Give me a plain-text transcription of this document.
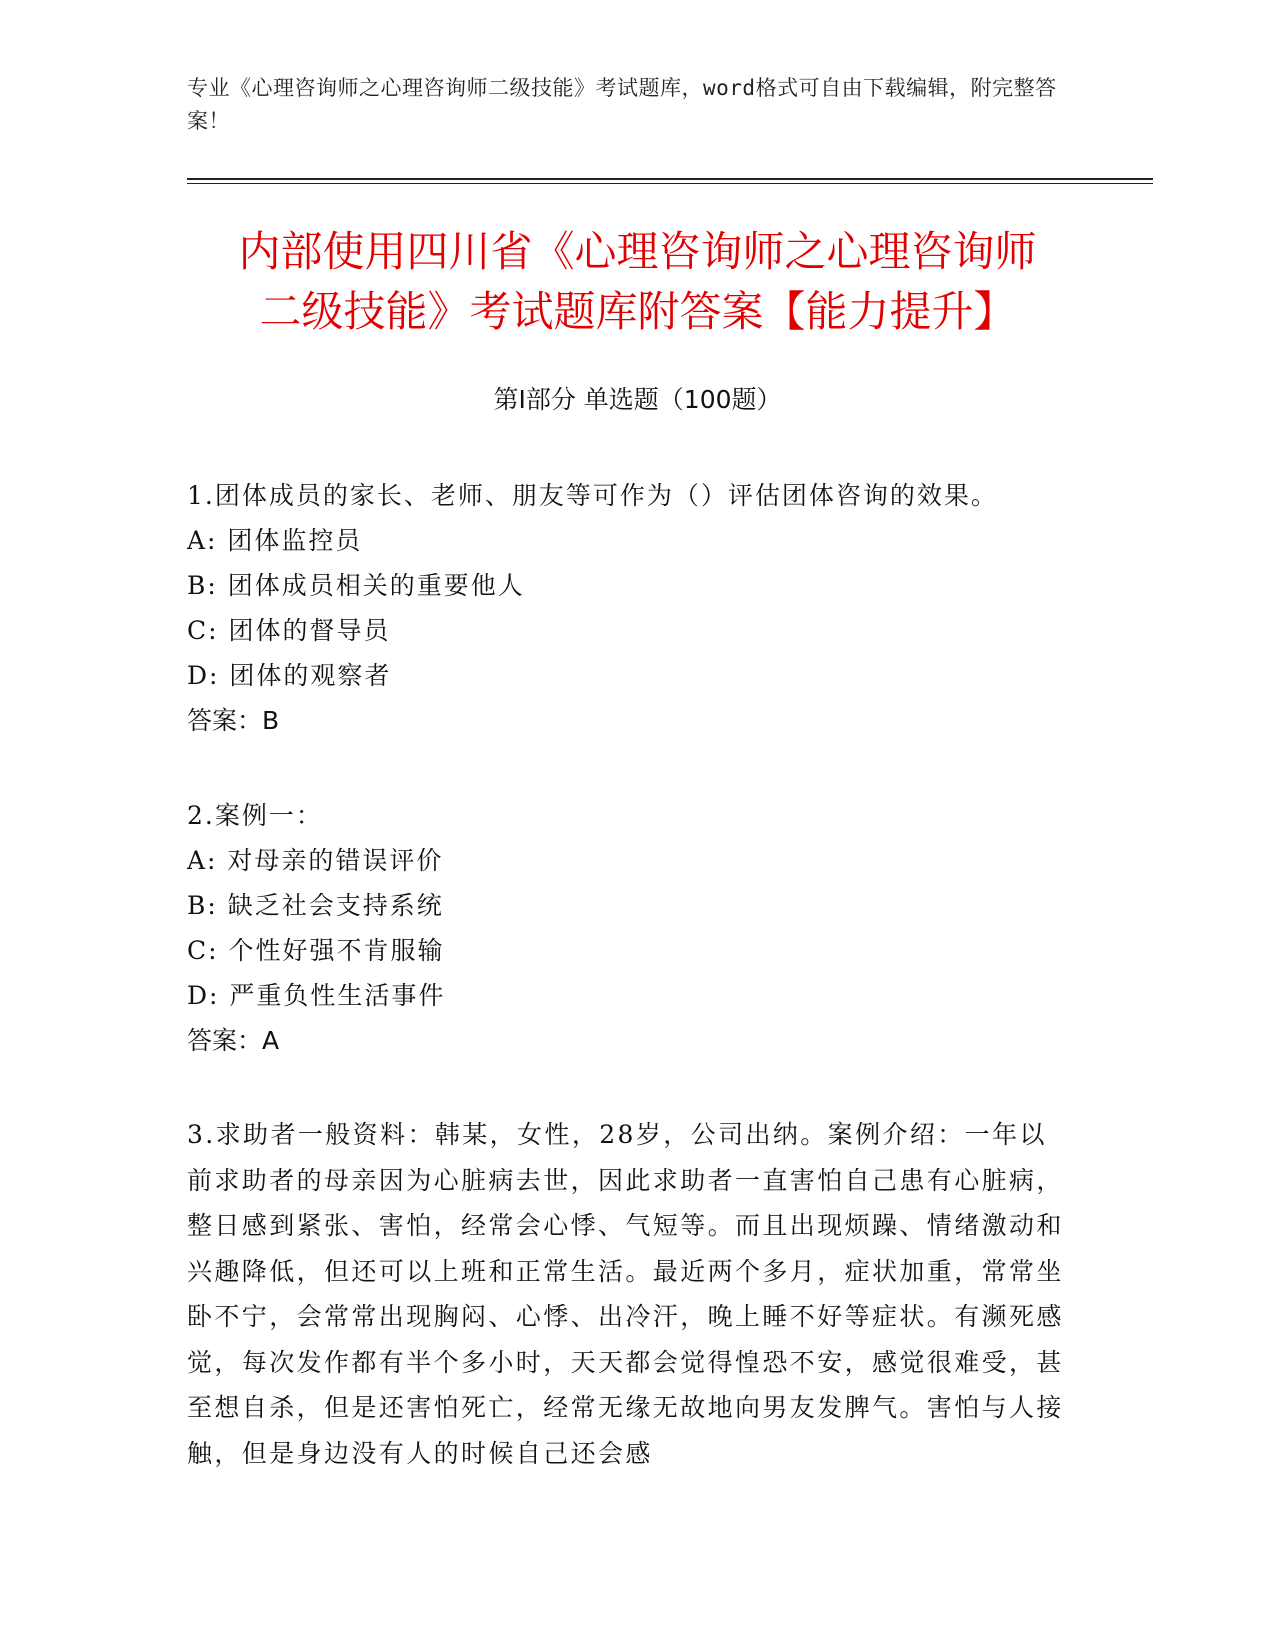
专业《心理咨询师之心理咨询师二级技能》考试题库，word格式可自由下载编辑，附完整答案！
内部使用四川省《心理咨询师之心理咨询师
二级技能》考试题库附答案【能力提升】
第Ⅰ部分 单选题（100题）
1.团体成员的家长、老师、朋友等可作为（）评估团体咨询的效果。
A: 团体监控员
B: 团体成员相关的重要他人
C: 团体的督导员
D: 团体的观察者
答案：B
2.案例一：
A: 对母亲的错误评价
B: 缺乏社会支持系统
C: 个性好强不肯服输
D: 严重负性生活事件
答案：A
3.求助者一般资料：韩某，女性，28岁，公司出纳。案例介绍：一年以前求助者的母亲因为心脏病去世，因此求助者一直害怕自己患有心脏病，整日感到紧张、害怕，经常会心悸、气短等。而且出现烦躁、情绪激动和兴趣降低，但还可以上班和正常生活。最近两个多月，症状加重，常常坐卧不宁，会常常出现胸闷、心悸、出冷汗，晚上睡不好等症状。有濒死感觉，每次发作都有半个多小时，天天都会觉得惶恐不安，感觉很难受，甚至想自杀，但是还害怕死亡，经常无缘无故地向男友发脾气。害怕与人接触，但是身边没有人的时候自己还会感
